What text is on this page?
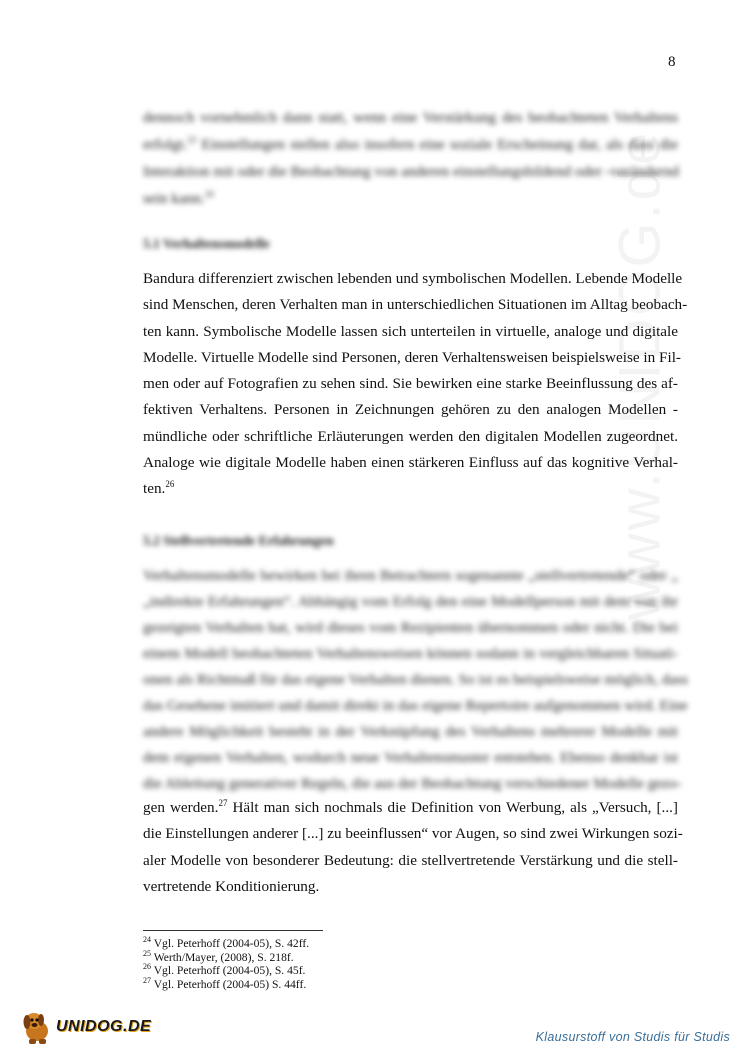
www.UNIDOG.de
8
dennoch vornehmlich dann statt, wenn eine Verstärkung des beobachteten Verhaltens
erfolgt.$^{23}$ Einstellungen stellen also insofern eine soziale Erscheinung dar, als dass die
Interaktion mit oder die Beobachtung von anderen einstellungsbildend oder -verändernd
sein kann.$^{24}$
5.1 Verhaltensmodelle
Bandura differenziert zwischen lebenden und symbolischen Modellen. Lebende Modelle
sind Menschen, deren Verhalten man in unterschiedlichen Situationen im Alltag beobach-
ten kann. Symbolische Modelle lassen sich unterteilen in virtuelle, analoge und digitale
Modelle. Virtuelle Modelle sind Personen, deren Verhaltensweisen beispielsweise in Fil-
men oder auf Fotografien zu sehen sind. Sie bewirken eine starke Beeinflussung des af-
fektiven Verhaltens. Personen in Zeichnungen gehören zu den analogen Modellen -
mündliche oder schriftliche Erläuterungen werden den digitalen Modellen zugeordnet.
Analoge wie digitale Modelle haben einen stärkeren Einfluss auf das kognitive Verhal-
ten.$^{26}$
5.2 Stellvertretende Erfahrungen
Verhaltensmodelle bewirken bei ihren Betrachtern sogenannte „stellvertretende“ oder „
„indirekte Erfahrungen“. Abhängig vom Erfolg den eine Modellperson mit dem von ihr
gezeigten Verhalten hat, wird dieses vom Rezipienten übernommen oder nicht. Die bei
einem Modell beobachteten Verhaltensweisen können sodann in vergleichbaren Situati-
onen als Richtmaß für das eigene Verhalten dienen. So ist es beispielsweise möglich, dass
das Gesehene imitiert und damit direkt in das eigene Repertoire aufgenommen wird. Eine
andere Möglichkeit besteht in der Verknüpfung des Verhaltens mehrerer Modelle mit
dem eigenen Verhalten, wodurch neue Verhaltensmuster entstehen. Ebenso denkbar ist
die Ableitung generativer Regeln, die aus der Beobachtung verschiedener Modelle gezo-
gen werden.$^{27}$ Hält man sich nochmals die Definition von Werbung, als „Versuch, [...]
die Einstellungen anderer [...] zu beeinflussen“ vor Augen, so sind zwei Wirkungen sozi-
aler Modelle von besonderer Bedeutung: die stellvertretende Verstärkung und die stell-
vertretende Konditionierung.
$^{24}$ Vgl. Peterhoff (2004-05), S. 42ff.
$^{25}$ Werth/Mayer, (2008), S. 218f.
$^{26}$ Vgl. Peterhoff (2004-05), S. 45f.
$^{27}$ Vgl. Peterhoff (2004-05) S. 44ff.
UNIDOG.DE
Klausurstoff von Studis für Studis
